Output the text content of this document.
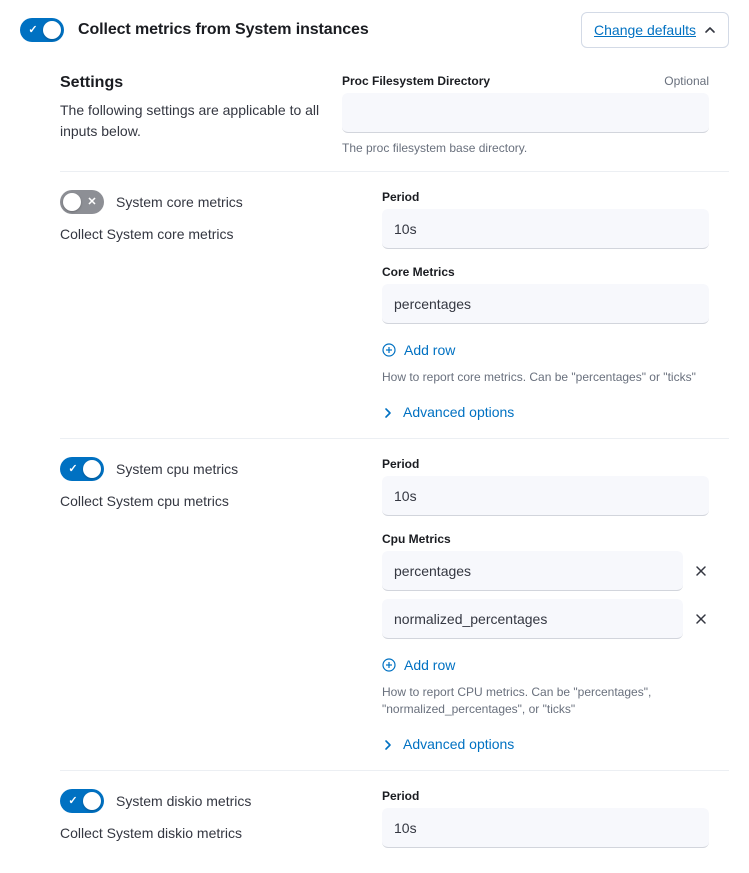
✓	Collect metrics from System instances	Change defaults
Settings

The following settings are applicable to all inputs below.

Proc Filesystem Directory	Optional
The proc filesystem base directory.
✕	System core metrics
Collect System core metrics
Period
10s
Core Metrics
percentages
Add row
How to report core metrics. Can be "percentages" or "ticks"
Advanced options
✓	System cpu metrics
Collect System cpu metrics
Period
10s
Cpu Metrics
percentages
normalized_percentages
Add row
How to report CPU metrics. Can be "percentages", "normalized_percentages", or "ticks"
Advanced options
✓	System diskio metrics
Collect System diskio metrics
Period
10s
